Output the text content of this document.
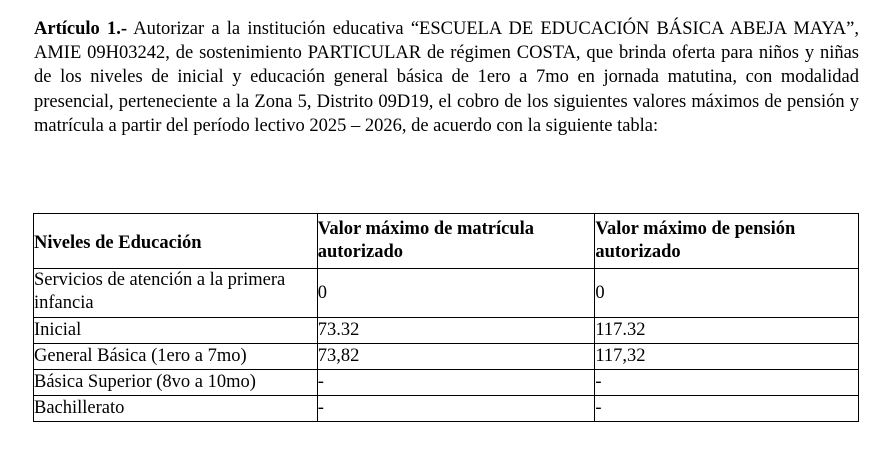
Artículo 1.- Autorizar a la institución educativa “ESCUELA DE EDUCACIÓN BÁSICA ABEJA MAYA”, AMIE 09H03242, de sostenimiento PARTICULAR de régimen COSTA, que brinda oferta para niños y niñas de los niveles de inicial y educación general básica de 1ero a 7mo en jornada matutina, con modalidad presencial, perteneciente a la Zona 5, Distrito 09D19, el cobro de los siguientes valores máximos de pensión y matrícula a partir del período lectivo 2025 – 2026, de acuerdo con la siguiente tabla:

Niveles de Educación	Valor máximo de matrícula autorizado	Valor máximo de pensión autorizado

Servicios de atención a la primera infancia	0	0
Inicial	73.32	117.32
General Básica (1ero a 7mo)	73,82	117,32
Básica Superior (8vo a 10mo)	-	-
Bachillerato	-	-
